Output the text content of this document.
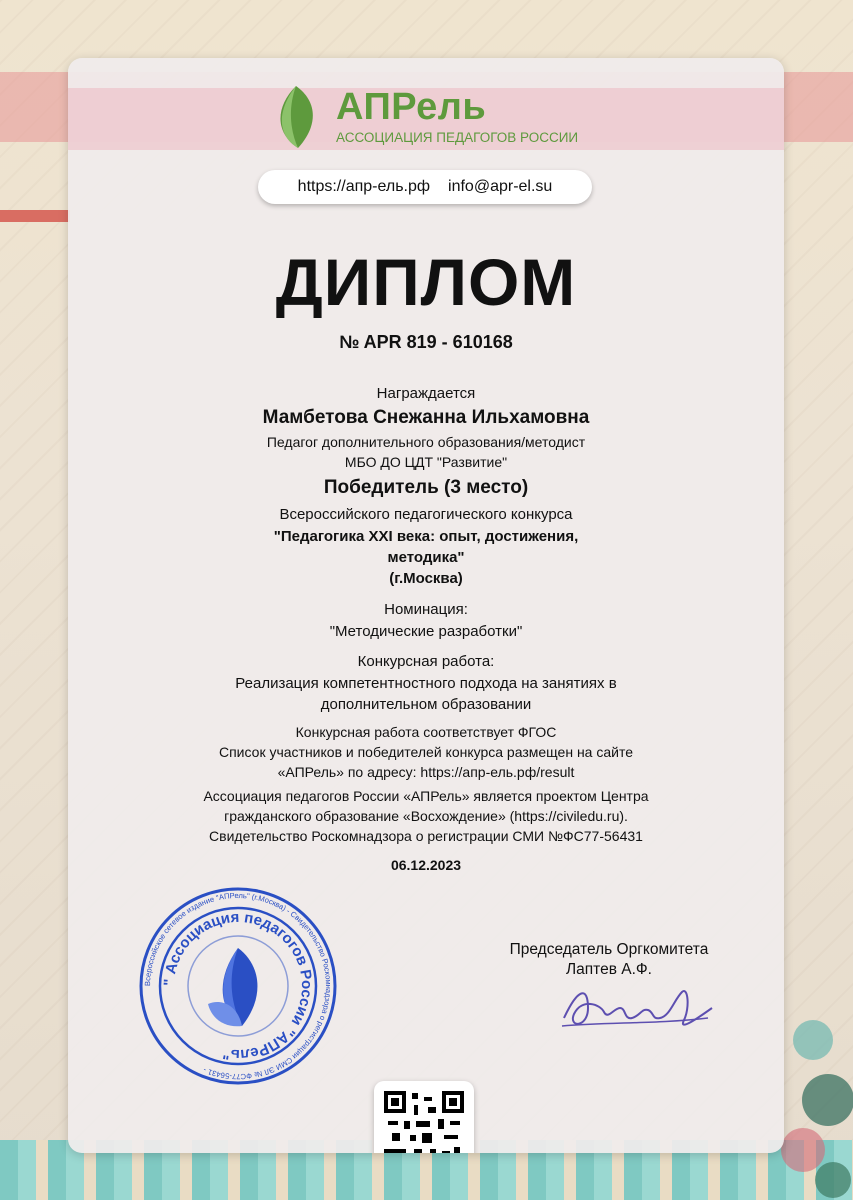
АПРель
АССОЦИАЦИЯ ПЕДАГОГОВ РОССИИ
https://апр-ель.рф info@apr-el.su
ДИПЛОМ
№ APR 819 - 610168
Награждается
Мамбетова Снежанна Ильхамовна
Педагог дополнительного образования/методист
МБО ДО ЦДТ "Развитие"
Победитель (3 место)
Всероссийского педагогического конкурса
"Педагогика XXI века: опыт, достижения,
методика"
(г.Москва)
Номинация:
"Методические разработки"
Конкурсная работа:
Реализация компетентностного подхода на занятиях в
дополнительном образовании
Конкурсная работа соответствует ФГОС
Список участников и победителей конкурса размещен на сайте
«АПРель» по адресу: https://апр-ель.рф/result
Ассоциация педагогов России «АПРель» является проектом Центра
гражданского образование «Восхождение» (https://civiledu.ru).
Свидетельство Роскомнадзора о регистрации СМИ №ФС77-56431
06.12.2023
Всероссийское сетевое издание "АПРель" (г.Москва) - Свидетельство Роскомнадзора о регистрации СМИ ЭЛ № ФС77-56431 -
" Ассоциация педагогов России "АПРель"
Председатель Оргкомитета
Лаптев А.Ф.
